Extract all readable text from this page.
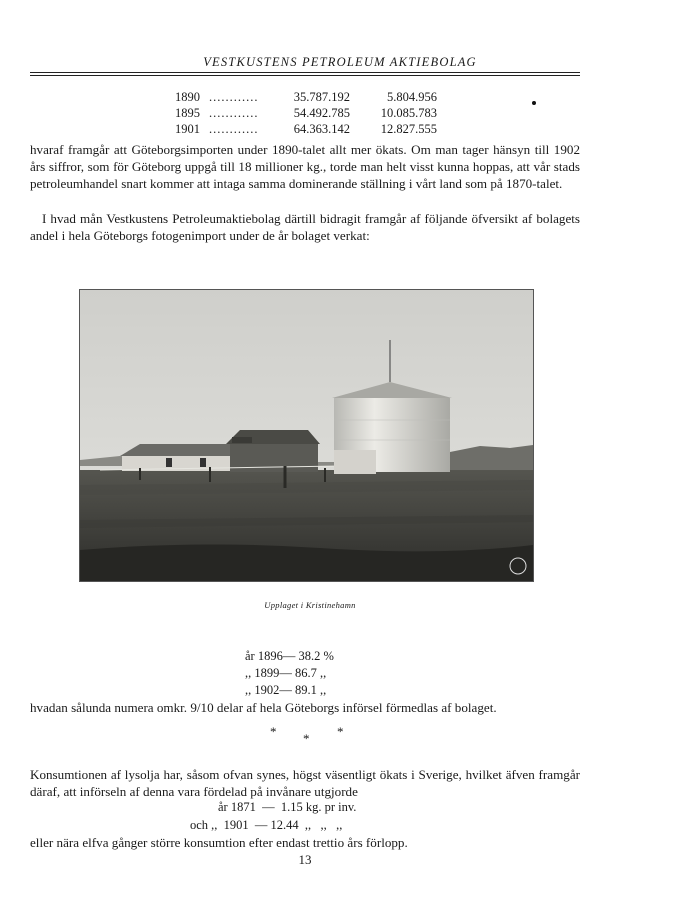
VESTKUSTENS PETROLEUM AKTIEBOLAG
1890 ............	35.787.192	5.804.956
1895 ............	54.492.785	10.085.783
1901 ............	64.363.142	12.827.555

hvaraf framgår att Göteborgsimporten under 1890-talet allt mer ökats. Om man tager hänsyn till 1902 års siffror, som för Göteborg uppgå till 18 millioner kg., torde man helt visst kunna hoppas, att vår stads petroleumhandel snart kommer att intaga samma dominerande ställning i vårt land som på 1870-talet.

I hvad mån Vestkustens Petroleumaktiebolag därtill bidragit framgår af följande öfversikt af bolagets andel i hela Göteborgs fotogenimport under de år bolaget verkat:

Upplaget i Kristinehamn
år 1896— 38.2 %
,, 1899— 86.7 ,,
,, 1902— 89.1 ,,

hvadan sålunda numera omkr. 9/10 delar af hela Göteborgs införsel förmedlas af bolaget.

* * *

Konsumtionen af lysolja har, såsom ofvan synes, högst väsentligt ökats i Sverige, hvilket äfven framgår däraf, att införseln af denna vara fördelad på invånare utgjorde

år 1871  —  1.15 kg. pr inv.
och ,,  1901  — 12.44  ,,   ,,   ,,

eller nära elfva gånger större konsumtion efter endast trettio års förlopp.

13
